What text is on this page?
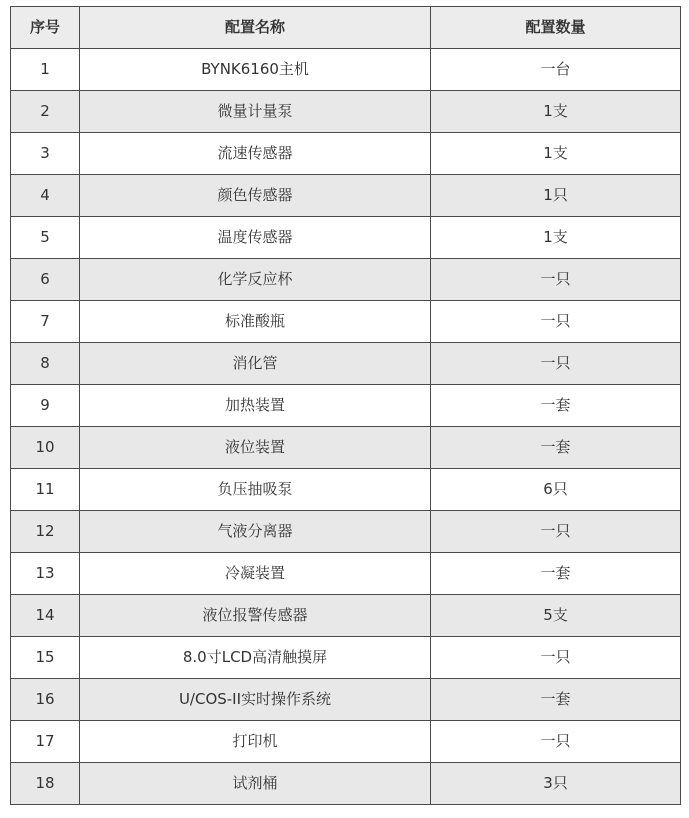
序号	配置名称	配置数量
1	BYNK6160主机	一台
2	微量计量泵	1支
3	流速传感器	1支
4	颜色传感器	1只
5	温度传感器	1支
6	化学反应杯	一只
7	标准酸瓶	一只
8	消化管	一只
9	加热装置	一套
10	液位装置	一套
11	负压抽吸泵	6只
12	气液分离器	一只
13	冷凝装置	一套
14	液位报警传感器	5支
15	8.0寸LCD高清触摸屏	一只
16	U/COS-II实时操作系统	一套
17	打印机	一只
18	试剂桶	3只
